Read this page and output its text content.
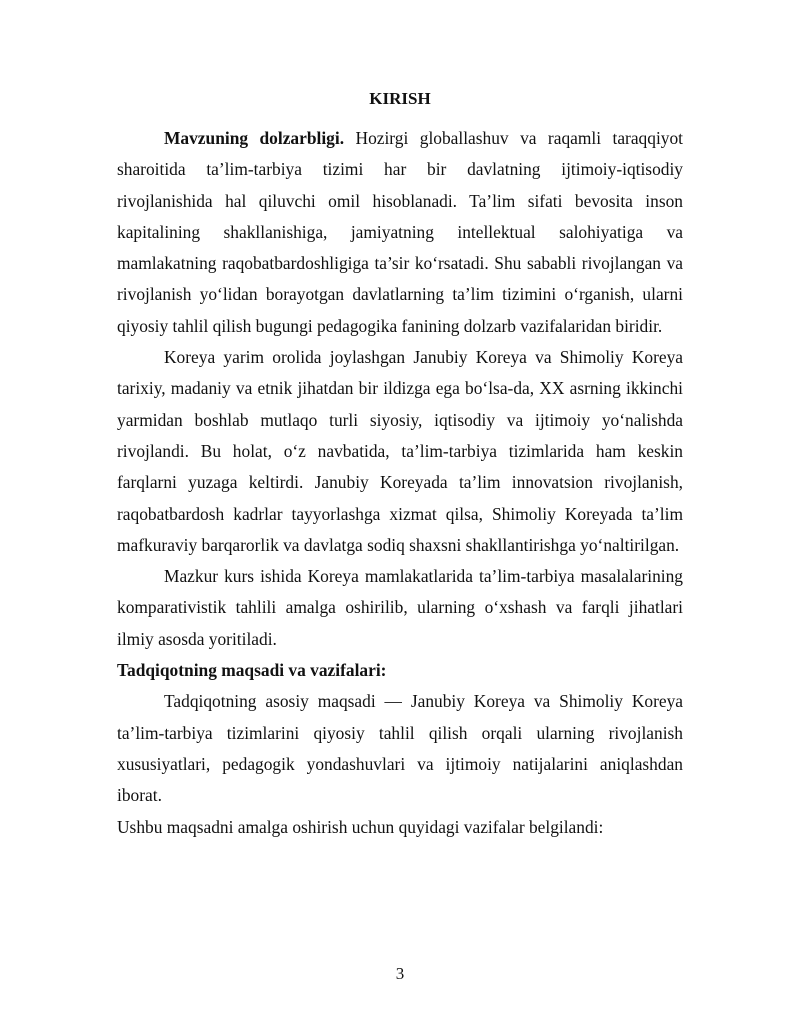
KIRISH

Mavzuning dolzarbligi. Hozirgi globallashuv va raqamli taraqqiyot sharoitida ta’lim-tarbiya tizimi har bir davlatning ijtimoiy-iqtisodiy rivojlanishida hal qiluvchi omil hisoblanadi. Ta’lim sifati bevosita inson kapitalining shakllanishiga, jamiyatning intellektual salohiyatiga va mamlakatning raqobatbardoshligiga ta’sir koʻrsatadi. Shu sababli rivojlangan va rivojlanish yoʻlidan borayotgan davlatlarning ta’lim tizimini oʻrganish, ularni qiyosiy tahlil qilish bugungi pedagogika fanining dolzarb vazifalaridan biridir.

Koreya yarim orolida joylashgan Janubiy Koreya va Shimoliy Koreya tarixiy, madaniy va etnik jihatdan bir ildizga ega boʻlsa-da, XX asrning ikkinchi yarmidan boshlab mutlaqo turli siyosiy, iqtisodiy va ijtimoiy yoʻnalishda rivojlandi. Bu holat, oʻz navbatida, ta’lim-tarbiya tizimlarida ham keskin farqlarni yuzaga keltirdi. Janubiy Koreyada ta’lim innovatsion rivojlanish, raqobatbardosh kadrlar tayyorlashga xizmat qilsa, Shimoliy Koreyada ta’lim mafkuraviy barqarorlik va davlatga sodiq shaxsni shakllantirishga yoʻnaltirilgan.

Mazkur kurs ishida Koreya mamlakatlarida ta’lim-tarbiya masalalarining komparativistik tahlili amalga oshirilib, ularning oʻxshash va farqli jihatlari ilmiy asosda yoritiladi.

Tadqiqotning maqsadi va vazifalari:

Tadqiqotning asosiy maqsadi — Janubiy Koreya va Shimoliy Koreya ta’lim-tarbiya tizimlarini qiyosiy tahlil qilish orqali ularning rivojlanish xususiyatlari, pedagogik yondashuvlari va ijtimoiy natijalarini aniqlashdan iborat.

Ushbu maqsadni amalga oshirish uchun quyidagi vazifalar belgilandi:

3
